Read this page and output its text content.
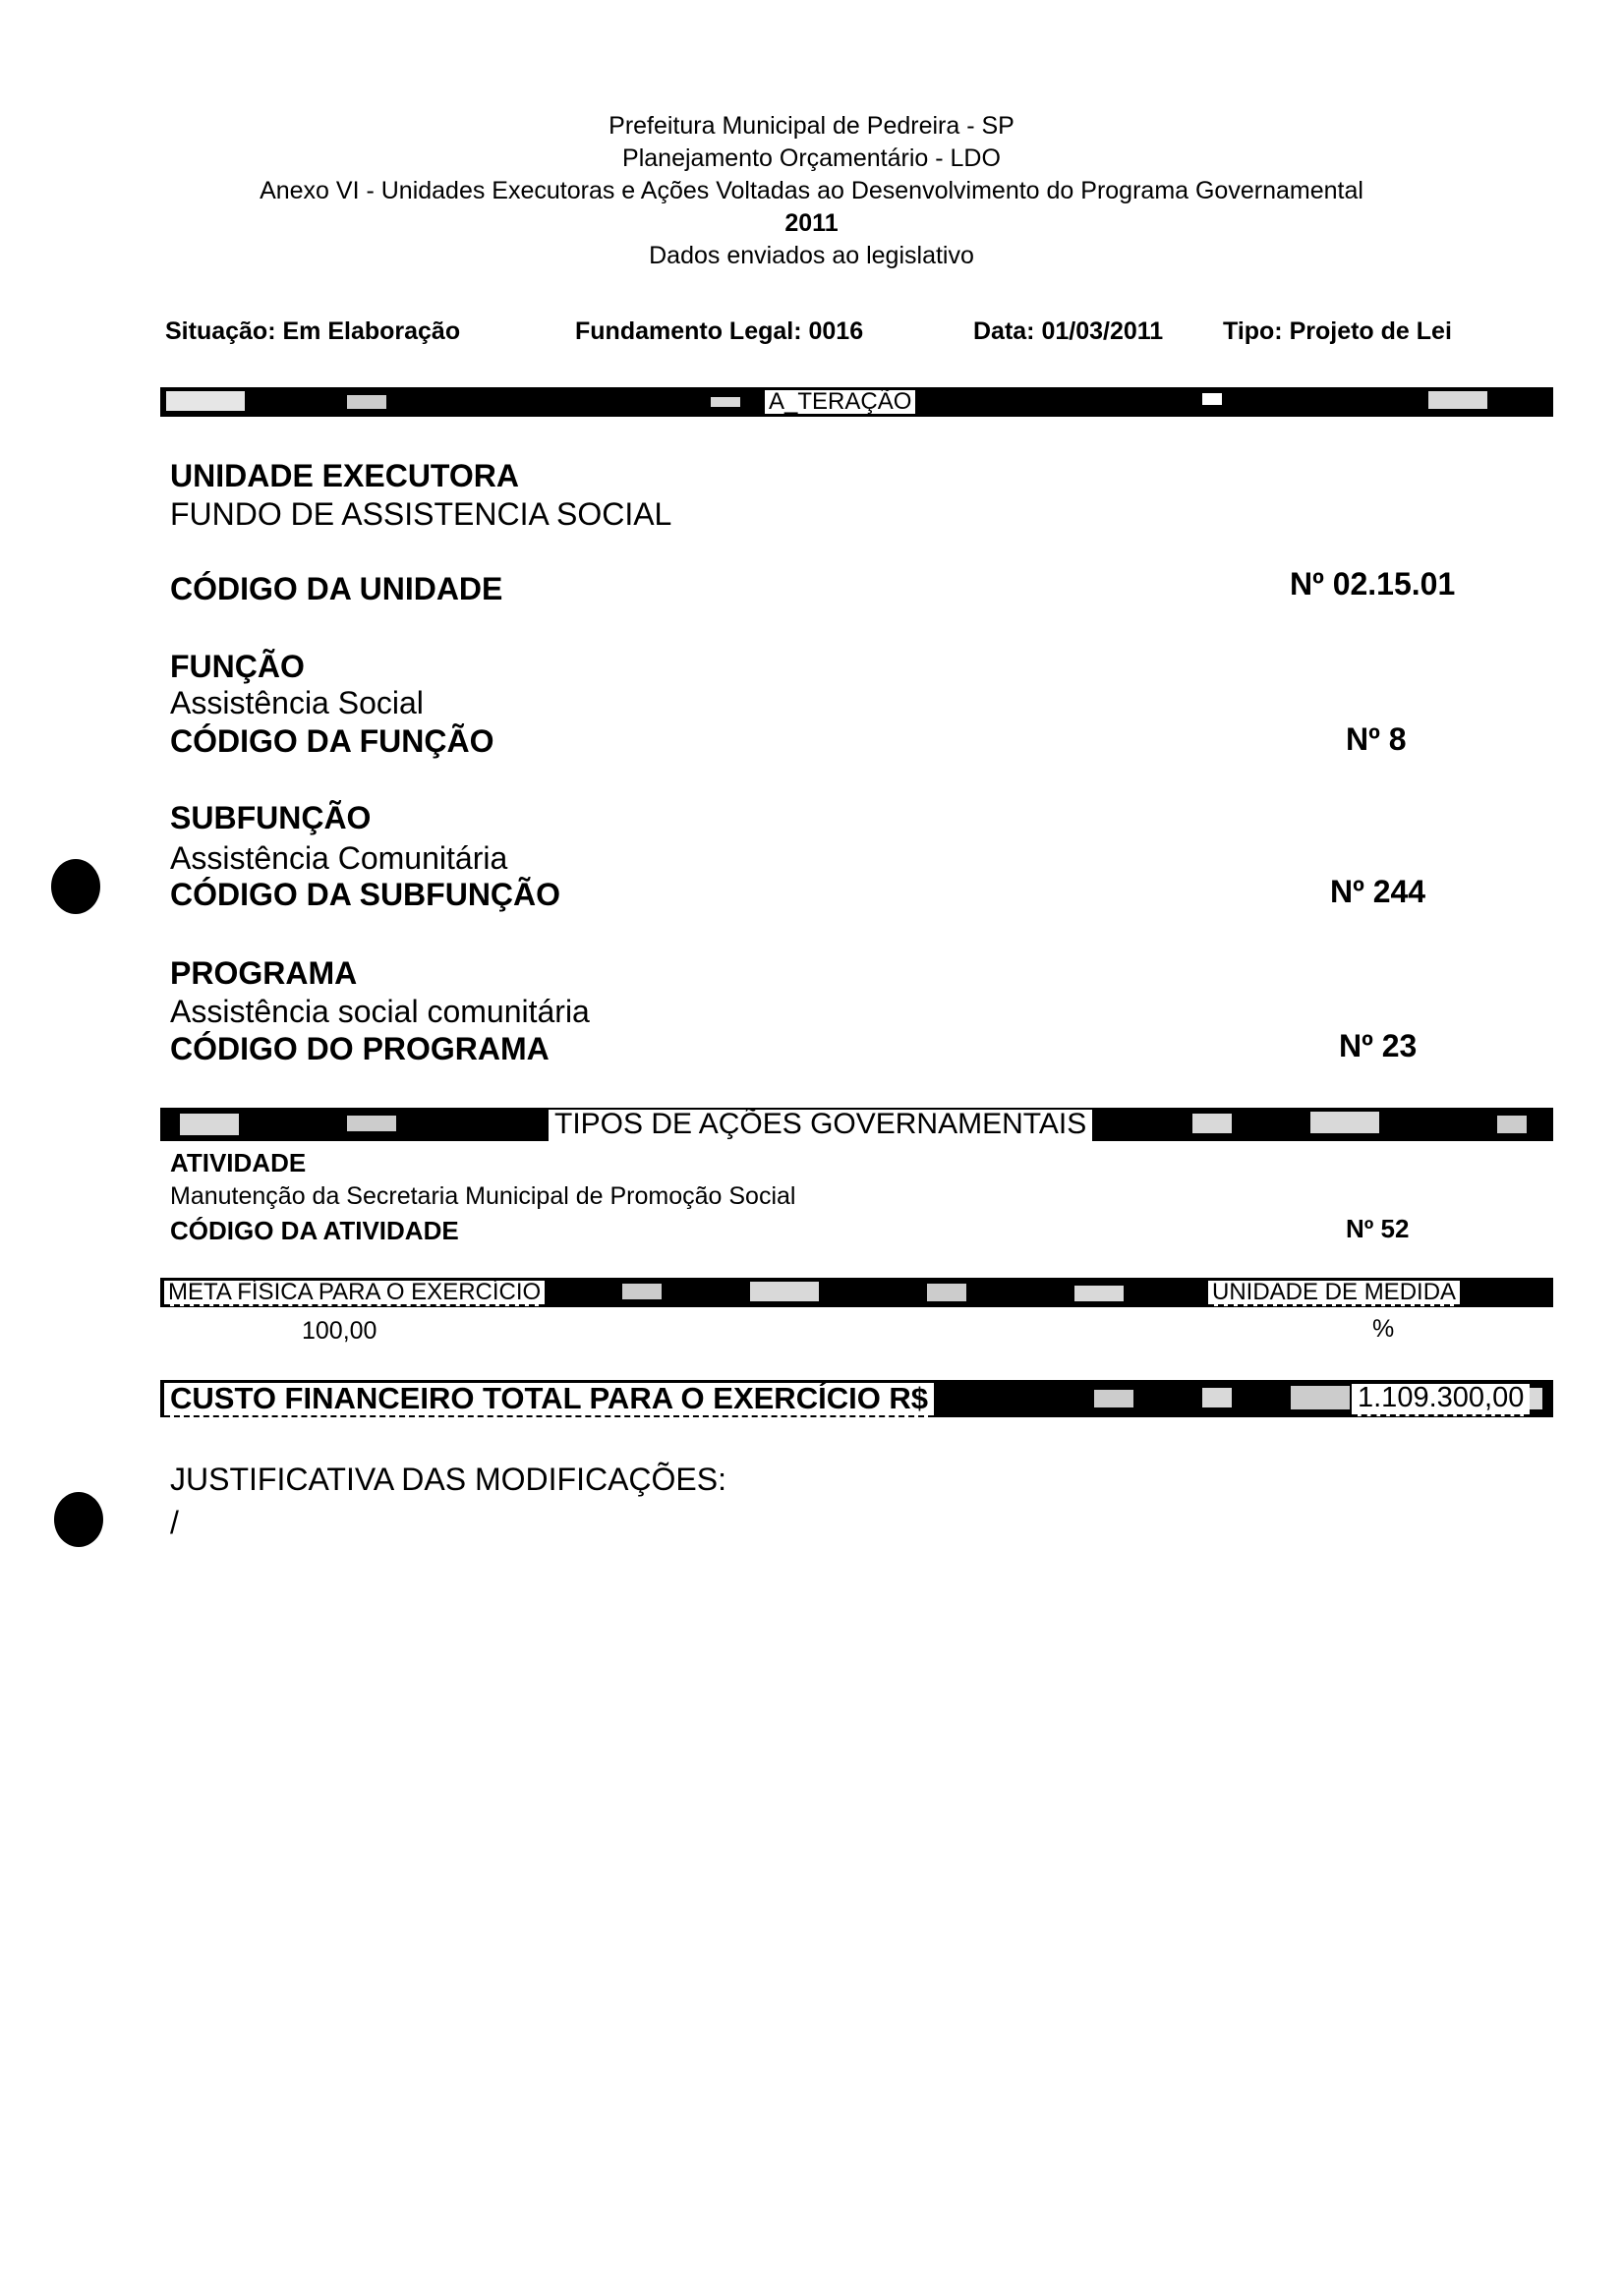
Prefeitura Municipal de Pedreira - SP
Planejamento Orçamentário - LDO
Anexo VI - Unidades Executoras e Ações Voltadas ao Desenvolvimento do Programa Governamental
2011
Dados enviados ao legislativo
Situação: Em Elaboração	Fundamento Legal: 0016	Data: 01/03/2011 Tipo: Projeto de Lei
A_TERAÇÃO
UNIDADE EXECUTORA
FUNDO DE ASSISTENCIA SOCIAL
CÓDIGO DA UNIDADE	Nº 02.15.01
FUNÇÃO
Assistência Social
CÓDIGO DA FUNÇÃO	Nº 8
SUBFUNÇÃO
Assistência Comunitária
CÓDIGO DA SUBFUNÇÃO	Nº 244
PROGRAMA
Assistência social comunitária
CÓDIGO DO PROGRAMA	Nº 23
TIPOS DE AÇÕES GOVERNAMENTAIS
ATIVIDADE
Manutenção da Secretaria Municipal de Promoção Social
CÓDIGO DA ATIVIDADE	Nº 52
META FÍSICA PARA O EXERCÍCIO	UNIDADE DE MEDIDA
100,00	%
CUSTO FINANCEIRO TOTAL PARA O EXERCÍCIO R$	1.109.300,00
JUSTIFICATIVA DAS MODIFICAÇÕES:
/
